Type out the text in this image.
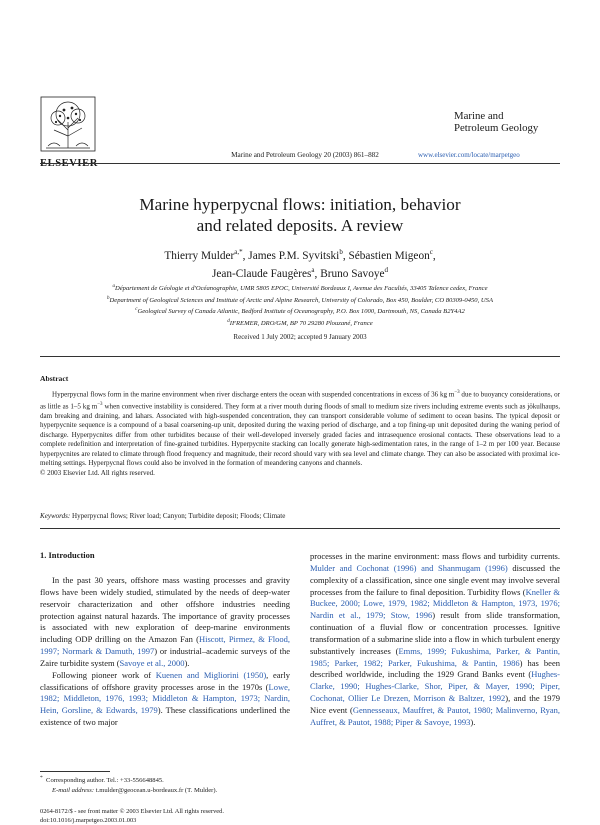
ELSEVIER
Marine and
Petroleum Geology
Marine and Petroleum Geology 20 (2003) 861–882	www.elsevier.com/locate/marpetgeo
Marine hyperpycnal flows: initiation, behavior
and related deposits. A review
Thierry Mulder$^{a,*}$, James P.M. Syvitski$^b$, Sébastien Migeon$^c$,
Jean-Claude Faugères$^a$, Bruno Savoye$^d$
$^a$Département de Géologie et d'Océanographie, UMR 5805 EPOC, Université Bordeaux I, Avenue des Facultés, 33405 Talence cedex, France
$^b$Department of Geological Sciences and Institute of Arctic and Alpine Research, University of Colorado, Box 450, Boulder, CO 80309-0450, USA
$^c$Geological Survey of Canada Atlantic, Bedford Institute of Oceanography, P.O. Box 1000, Dartmouth, NS, Canada B2Y4A2
$^d$IFREMER, DRO/GM, BP 70 29280 Plouzané, France
Received 1 July 2002; accepted 9 January 2003
Abstract
Hyperpycnal flows form in the marine environment when river discharge enters the ocean with suspended concentrations in excess of 36 kg $m^{-3}$ due to buoyancy considerations, or as little as 1–5 kg $m^{-3}$ when convective instability is considered. They form at a river mouth during floods of small to medium size rivers including extreme events such as jökulhaups, dam breaking and draining, and lahars. Associated with high-suspended concentration, they can transport considerable volume of sediment to ocean basins. The typical deposit or hyperpycnite sequence is a compound of a basal coarsening-up unit, deposited during the waxing period of discharge, and a top fining-up unit deposited during the waning period of discharge. Hyperpycnites differ from other turbidites because of their well-developed inversely graded facies and intrasequence erosional contacts. These observations lead to a complete redefinition and interpretation of fine-grained turbidites. Hyperpycnite stacking can locally generate high-sedimentation rates, in the range of 1–2 m per 100 year. Because hyperpycnites are related to climate through flood frequency and magnitude, their record should vary with sea level and climate change. They can also be associated with proximal ice-melting settings. Hyperpycnal flows could also be involved in the formation of meandering canyons and channels.
© 2003 Elsevier Ltd. All rights reserved.
Keywords: Hyperpycnal flows; River load; Canyon; Turbidite deposit; Floods; Climate
1. Introduction

In the past 30 years, offshore mass wasting processes and gravity flows have been widely studied, stimulated by the needs of deep-water reservoir characterization and other offshore industries needing protection against natural hazards. The importance of gravity processes is associated with new exploration of deep-marine environments including ODP drilling on the Amazon Fan (Hiscott, Pirmez, & Flood, 1997; Normark & Damuth, 1997) or industrial–academic surveys of the Zaire turbidite system (Savoye et al., 2000).

Following pioneer work of Kuenen and Migliorini (1950), early classifications of offshore gravity processes arose in the 1970s (Lowe, 1982; Middleton, 1976, 1993; Middleton & Hampton, 1973; Nardin, Hein, Gorsline, & Edwards, 1979). These classifications underlined the existence of two major

processes in the marine environment: mass flows and turbidity currents. Mulder and Cochonat (1996) and Shanmugam (1996) discussed the complexity of a classification, since one single event may involve several processes from the failure to final deposition. Turbidity flows (Kneller & Buckee, 2000; Lowe, 1979, 1982; Middleton & Hampton, 1973, 1976; Nardin et al., 1979; Stow, 1996) result from slide transformation, continuation of a fluvial flow or concentration processes. Ignitive transformation of a submarine slide into a flow in which turbulent energy substantively increases (Emms, 1999; Fukushima, Parker, & Pantin, 1985; Parker, 1982; Parker, Fukushima, & Pantin, 1986) has been described worldwide, including the 1929 Grand Banks event (Hughes-Clarke, 1990; Hughes-Clarke, Shor, Piper, & Mayer, 1990; Piper, Cochonat, Ollier Le Drezen, Morrison & Baltzer, 1992), and the 1979 Nice event (Gennesseaux, Mauffret, & Pautot, 1980; Malinverno, Ryan, Auffret, & Pautot, 1988; Piper & Savoye, 1993).

* Corresponding author. Tel.: +33-556648845.
E-mail address: t.mulder@geocean.u-bordeaux.fr (T. Mulder).
0264-8172/$ - see front matter © 2003 Elsevier Ltd. All rights reserved.
doi:10.1016/j.marpetgeo.2003.01.003
